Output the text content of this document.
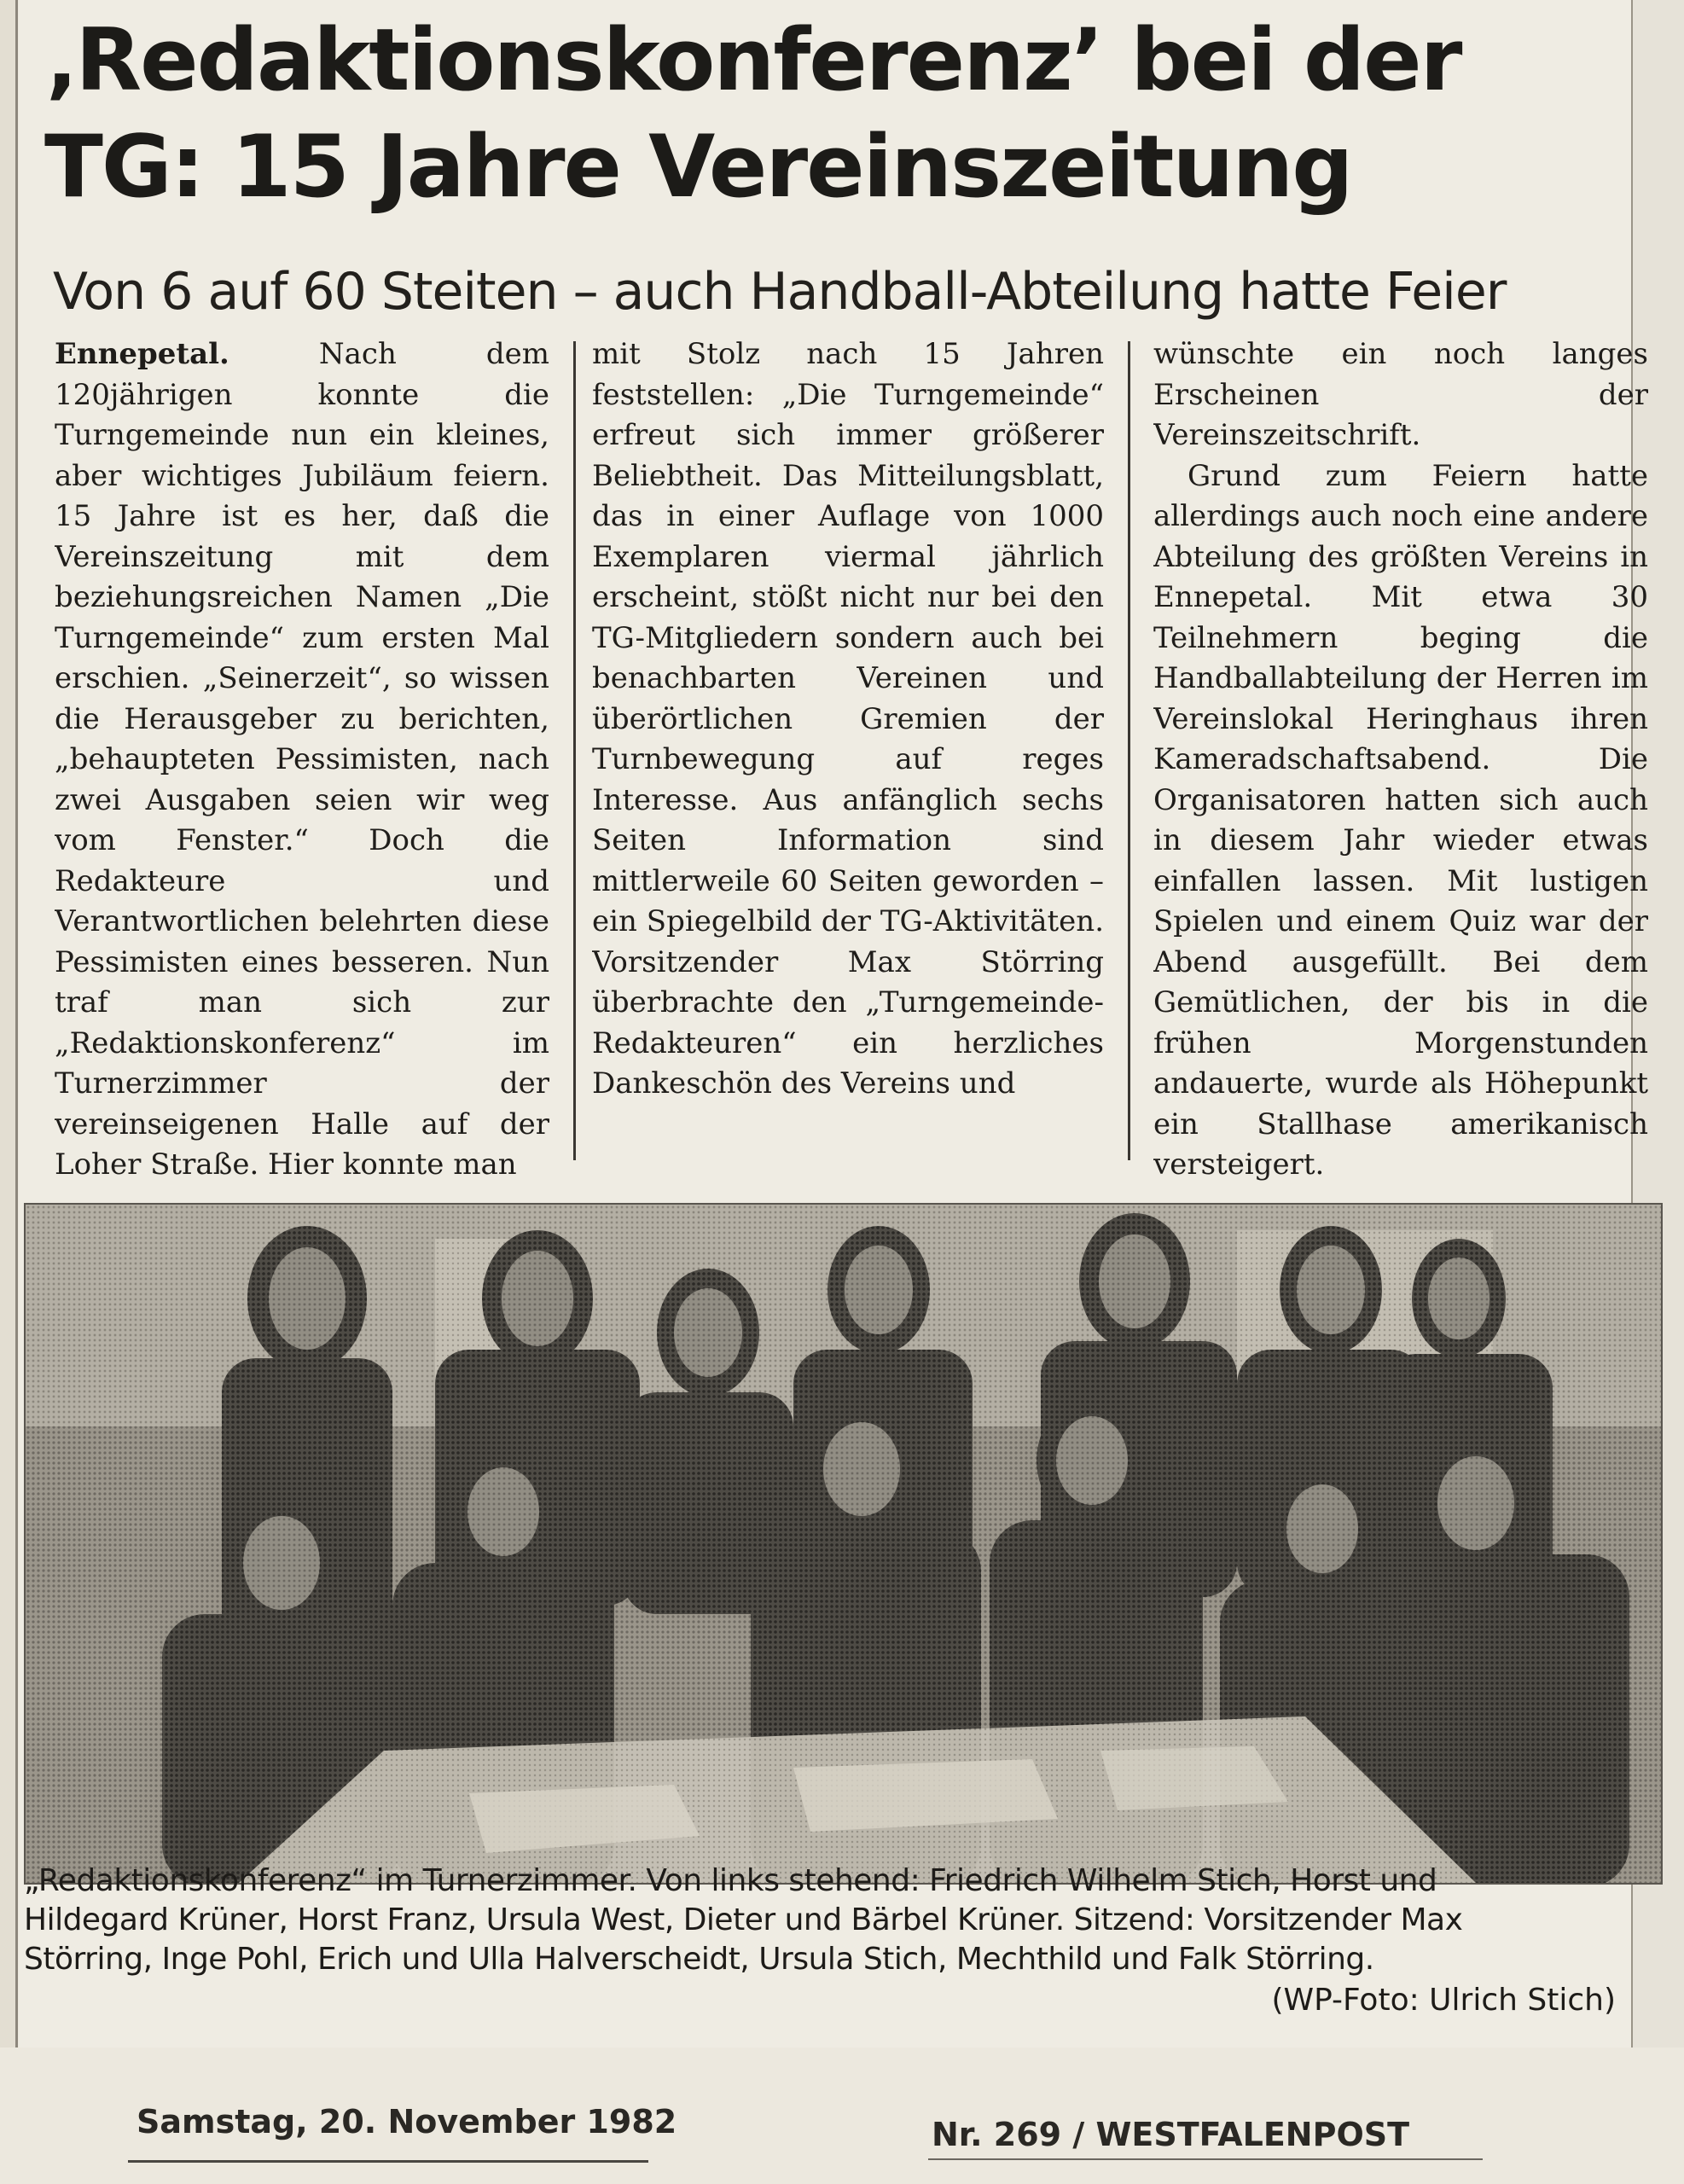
‚Redaktionskonferenz’ bei der TG: 15 Jahre Vereinszeitung
Von 6 auf 60 Steiten – auch Handball-Abteilung hatte Feier

Ennepetal.	Nach dem 120jährigen konnte die Turngemeinde nun ein kleines, aber wichtiges Jubiläum feiern. 15 Jahre ist es her, daß die Vereinszeitung mit dem beziehungsreichen Namen „Die Turngemeinde“ zum ersten Mal erschien. „Seinerzeit“, so wissen die Herausgeber zu berichten, „behaupteten Pessimisten, nach zwei Ausgaben seien wir weg vom Fenster.“ Doch die Redakteure und Verantwortlichen belehrten diese Pessimisten eines besseren. Nun traf man sich zur „Redaktionskonferenz“ im Turnerzimmer der vereinseigenen Halle auf der Loher Straße. Hier konnte man

mit Stolz nach 15 Jahren feststellen: „Die Turngemeinde“ erfreut sich immer größerer Beliebtheit. Das Mitteilungsblatt, das in einer Auflage von 1000 Exemplaren viermal jährlich erscheint, stößt nicht nur bei den TG-Mitgliedern sondern auch bei benachbarten Vereinen und überörtlichen Gremien der Turnbewegung auf reges Interesse. Aus anfänglich sechs Seiten Information sind mittlerweile 60 Seiten geworden – ein Spiegelbild der TG-Aktivitäten. Vorsitzender Max Störring überbrachte den „Turngemeinde-Redakteuren“ ein herzliches Dankeschön des Vereins und

wünschte ein noch langes Erscheinen der Vereinszeitschrift.

Grund zum Feiern hatte allerdings auch noch eine andere Abteilung des größten Vereins in Ennepetal. Mit etwa 30 Teilnehmern beging die Handballabteilung der Herren im Vereinslokal Heringhaus ihren Kameradschaftsabend. Die Organisatoren hatten sich auch in diesem Jahr wieder etwas einfallen lassen. Mit lustigen Spielen und einem Quiz war der Abend ausgefüllt. Bei dem Gemütlichen, der bis in die frühen Morgenstunden andauerte, wurde als Höhepunkt ein Stallhase amerikanisch versteigert.

„Redaktionskonferenz“ im Turnerzimmer. Von links stehend: Friedrich Wilhelm Stich, Horst und
Hildegard Krüner, Horst Franz, Ursula West, Dieter und Bärbel Krüner. Sitzend: Vorsitzender Max
Störring, Inge Pohl, Erich und Ulla Halverscheidt, Ursula Stich, Mechthild und Falk Störring.
(WP-Foto: Ulrich Stich)
Samstag, 20. November 1982	Nr. 269 / WESTFALENPOST
